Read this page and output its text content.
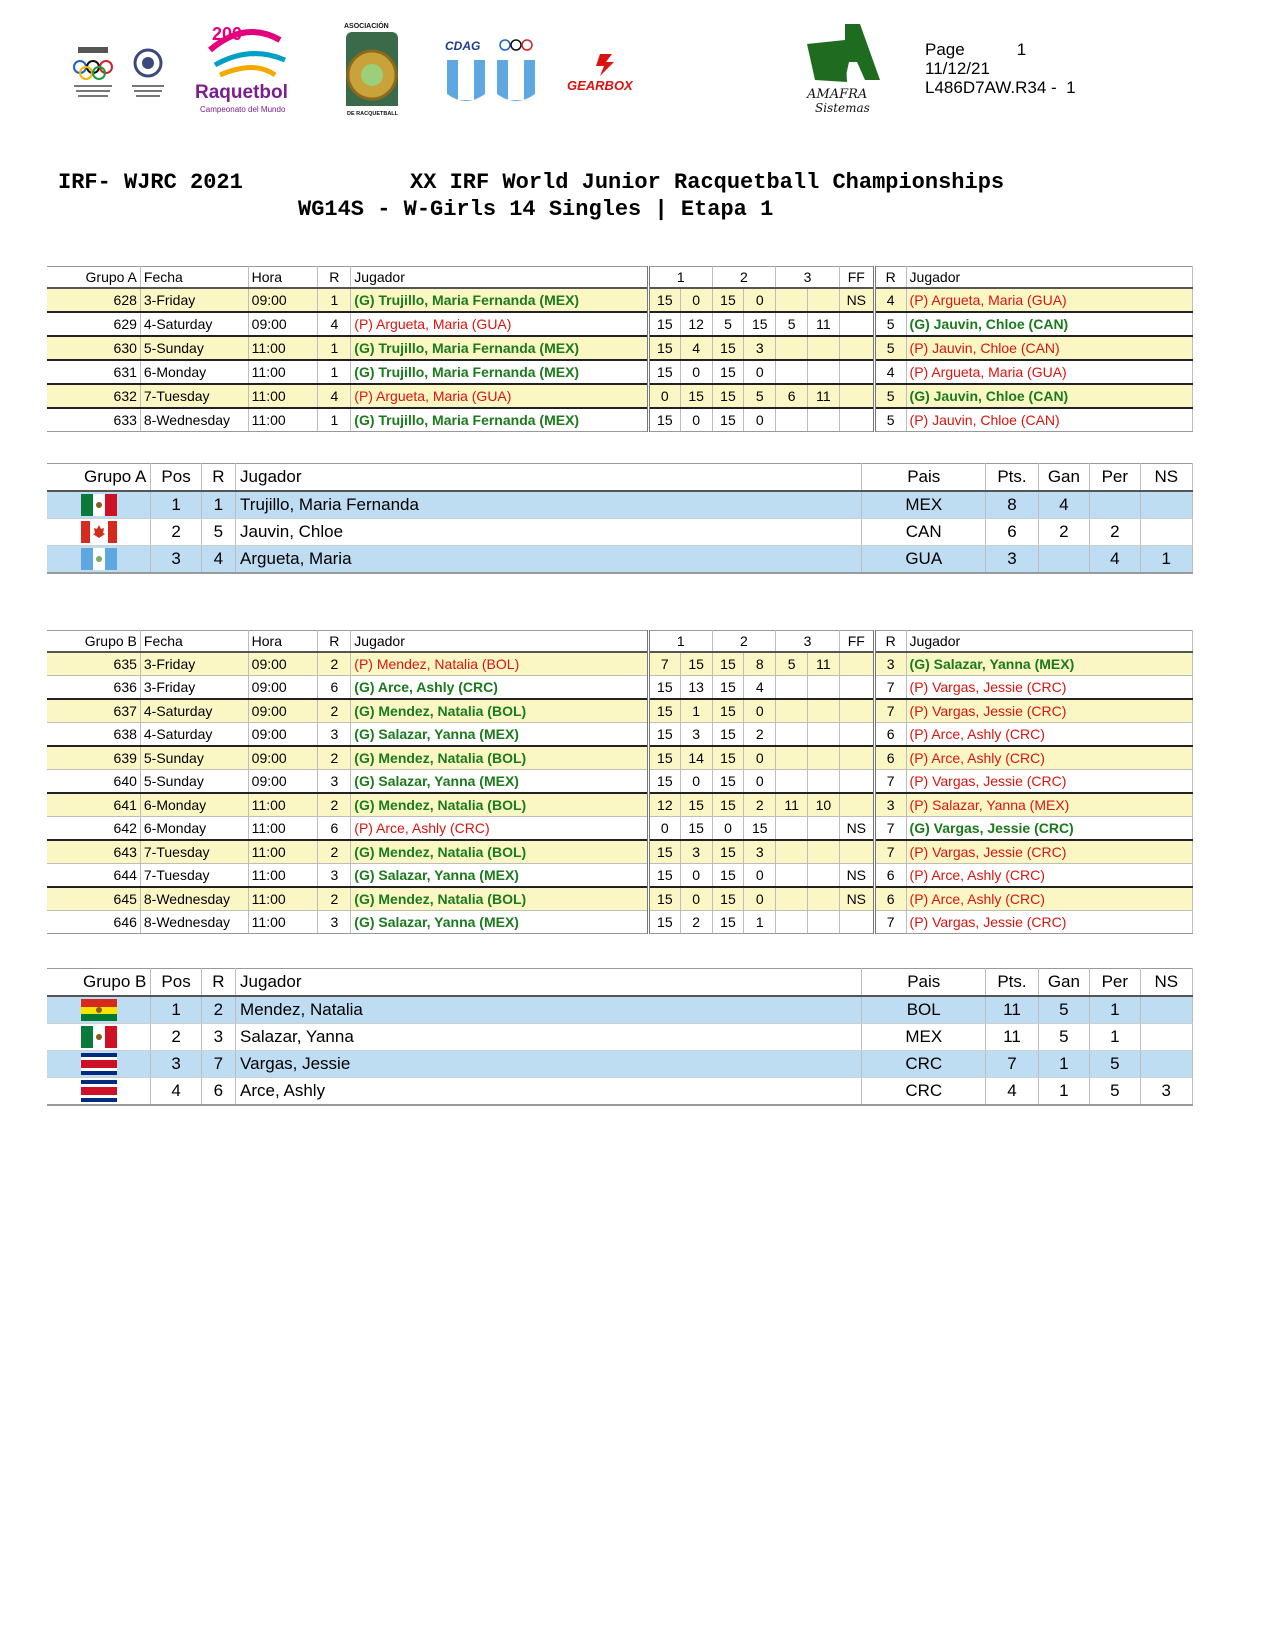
200
Raquetbol
Campeonato del Mundo
ASOCIACIÓN
DE RACQUETBALL
CDAG
GEARBOX
AMAFRA
Sistemas
Page	1
11/12/21
L486D7AW.R34 -  1
IRF- WJRC 2021	XX IRF World Junior Racquetball Championships
WG14S - W-Girls 14 Singles | Etapa 1
Grupo A	Fecha	Hora	R	Jugador	1		2		3		FF	R	Jugador
628	3-Friday	09:00	1	(G) Trujillo, Maria Fernanda (MEX)	15	0	15	0			NS	4	(P) Argueta, Maria (GUA)
629	4-Saturday	09:00	4	(P) Argueta, Maria (GUA)	15	12	5	15	5	11		5	(G) Jauvin, Chloe (CAN)
630	5-Sunday	11:00	1	(G) Trujillo, Maria Fernanda (MEX)	15	4	15	3				5	(P) Jauvin, Chloe (CAN)
631	6-Monday	11:00	1	(G) Trujillo, Maria Fernanda (MEX)	15	0	15	0				4	(P) Argueta, Maria (GUA)
632	7-Tuesday	11:00	4	(P) Argueta, Maria (GUA)	0	15	15	5	6	11		5	(G) Jauvin, Chloe (CAN)
633	8-Wednesday	11:00	1	(G) Trujillo, Maria Fernanda (MEX)	15	0	15	0				5	(P) Jauvin, Chloe (CAN)
Grupo A	Pos	R	Jugador	Pais	Pts.	Gan	Per	NS
	1	1	Trujillo, Maria Fernanda	MEX	8	4		
	2	5	Jauvin, Chloe	CAN	6	2	2	
	3	4	Argueta, Maria	GUA	3		4	1
Grupo B	Fecha	Hora	R	Jugador	1		2		3		FF	R	Jugador
635	3-Friday	09:00	2	(P) Mendez, Natalia (BOL)	7	15	15	8	5	11		3	(G) Salazar, Yanna (MEX)
636	3-Friday	09:00	6	(G) Arce, Ashly (CRC)	15	13	15	4				7	(P) Vargas, Jessie (CRC)
637	4-Saturday	09:00	2	(G) Mendez, Natalia (BOL)	15	1	15	0				7	(P) Vargas, Jessie (CRC)
638	4-Saturday	09:00	3	(G) Salazar, Yanna (MEX)	15	3	15	2				6	(P) Arce, Ashly (CRC)
639	5-Sunday	09:00	2	(G) Mendez, Natalia (BOL)	15	14	15	0				6	(P) Arce, Ashly (CRC)
640	5-Sunday	09:00	3	(G) Salazar, Yanna (MEX)	15	0	15	0				7	(P) Vargas, Jessie (CRC)
641	6-Monday	11:00	2	(G) Mendez, Natalia (BOL)	12	15	15	2	11	10		3	(P) Salazar, Yanna (MEX)
642	6-Monday	11:00	6	(P) Arce, Ashly (CRC)	0	15	0	15			NS	7	(G) Vargas, Jessie (CRC)
643	7-Tuesday	11:00	2	(G) Mendez, Natalia (BOL)	15	3	15	3				7	(P) Vargas, Jessie (CRC)
644	7-Tuesday	11:00	3	(G) Salazar, Yanna (MEX)	15	0	15	0			NS	6	(P) Arce, Ashly (CRC)
645	8-Wednesday	11:00	2	(G) Mendez, Natalia (BOL)	15	0	15	0			NS	6	(P) Arce, Ashly (CRC)
646	8-Wednesday	11:00	3	(G) Salazar, Yanna (MEX)	15	2	15	1				7	(P) Vargas, Jessie (CRC)
Grupo B	Pos	R	Jugador	Pais	Pts.	Gan	Per	NS
	1	2	Mendez, Natalia	BOL	11	5	1	
	2	3	Salazar, Yanna	MEX	11	5	1	
	3	7	Vargas, Jessie	CRC	7	1	5	
	4	6	Arce, Ashly	CRC	4	1	5	3
